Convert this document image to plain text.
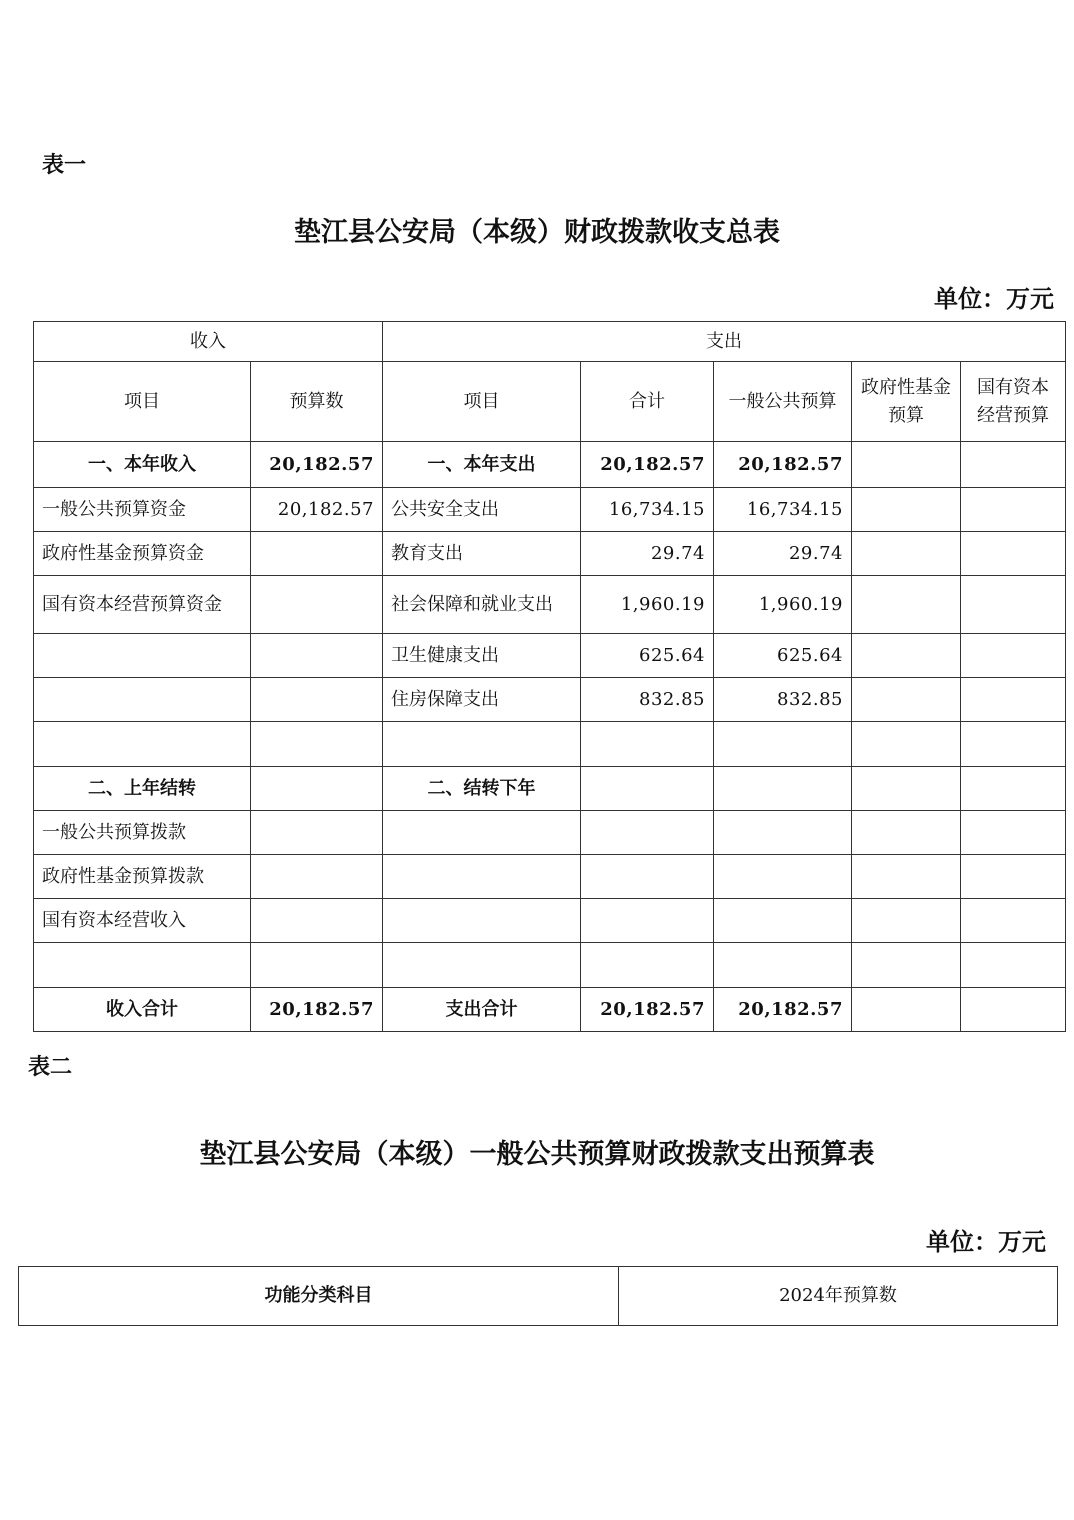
表一
垫江县公安局（本级）财政拨款收支总表
单位：万元
收入		支出				
项目	预算数	项目	合计	一般公共预算	政府性基金预算	国有资本经营预算
一、本年收入	20,182.57	一、本年支出	20,182.57	20,182.57		
一般公共预算资金	20,182.57	公共安全支出	16,734.15	16,734.15		
政府性基金预算资金		教育支出	29.74	29.74		
国有资本经营预算资金		社会保障和就业支出	1,960.19	1,960.19		
		卫生健康支出	625.64	625.64		
		住房保障支出	832.85	832.85		

二、上年结转		二、结转下年				
一般公共预算拨款						
政府性基金预算拨款						
国有资本经营收入						

收入合计	20,182.57	支出合计	20,182.57	20,182.57		
表二
垫江县公安局（本级）一般公共预算财政拨款支出预算表
单位：万元
功能分类科目	2024年预算数
